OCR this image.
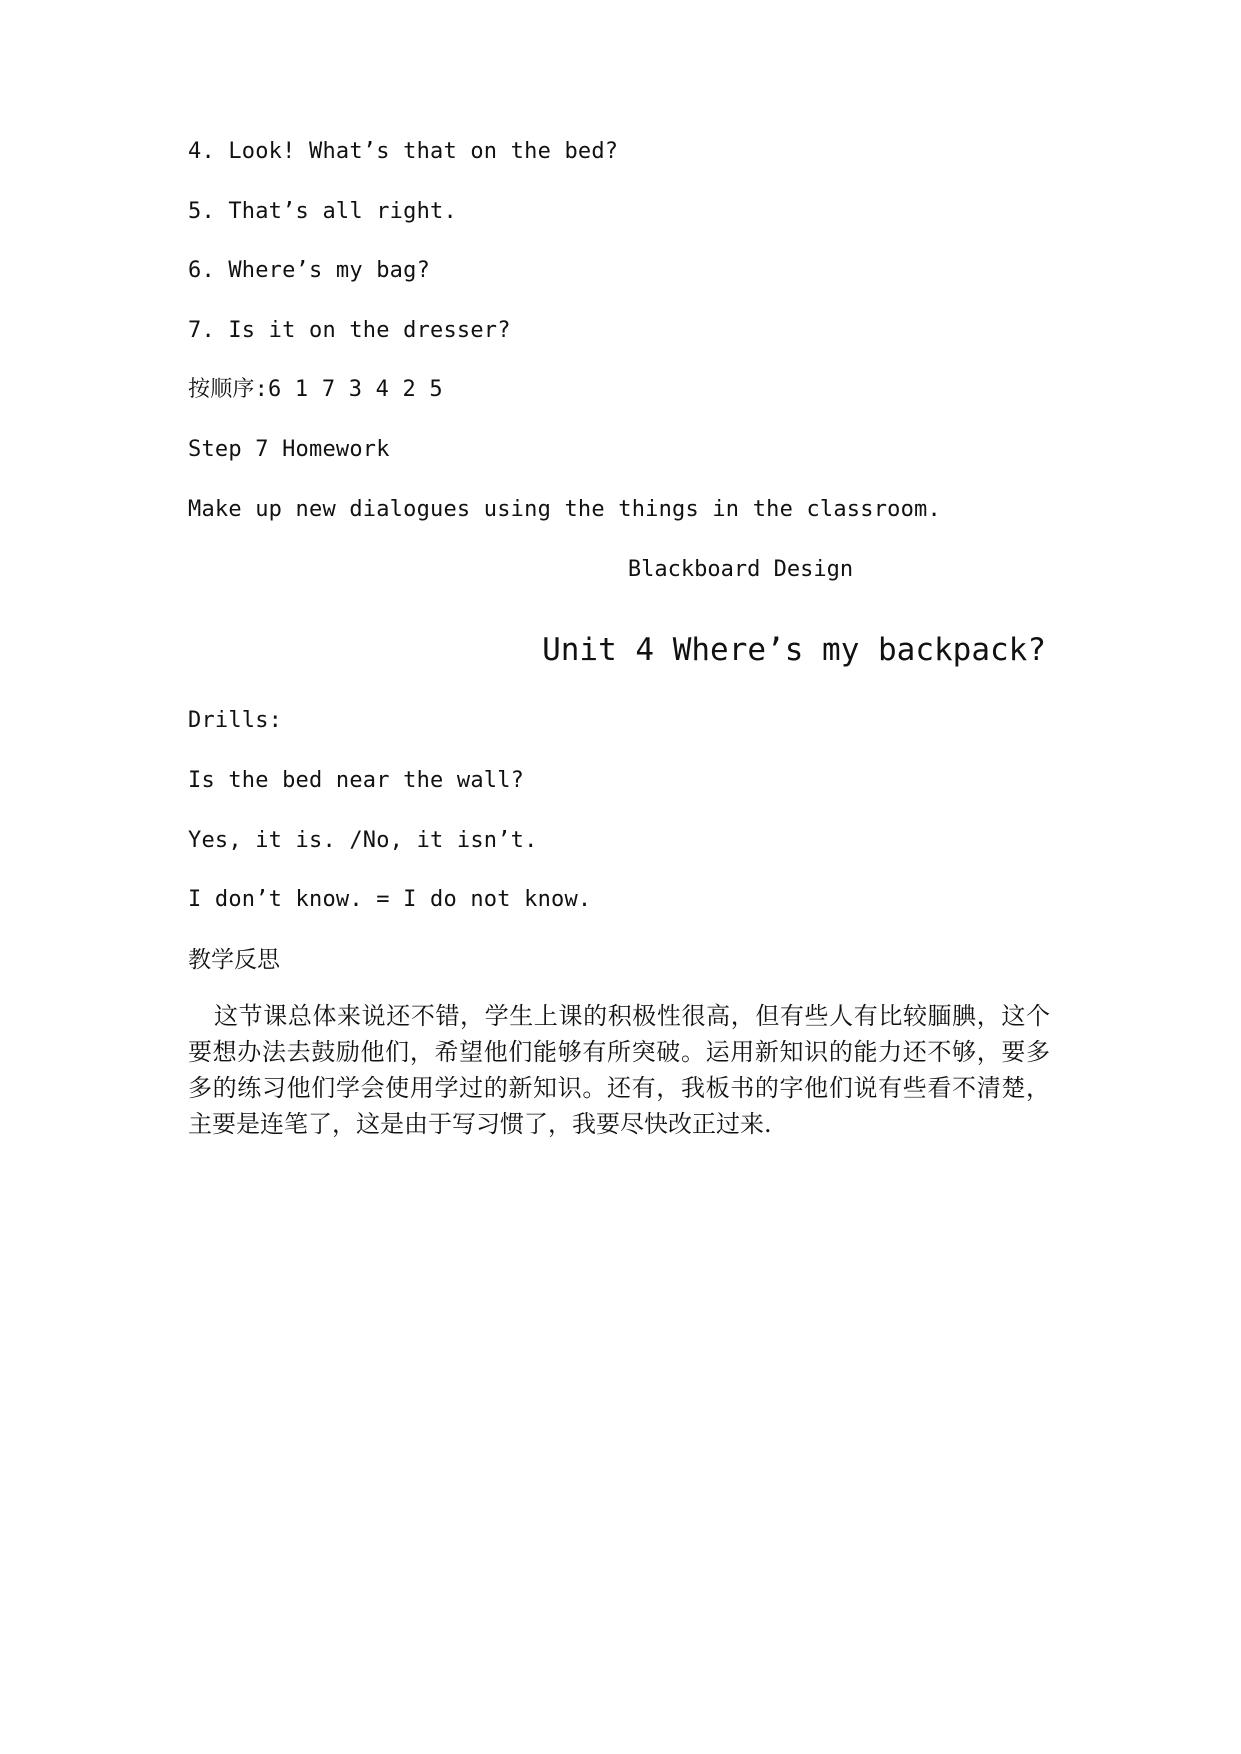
4. Look! What’s that on the bed?
5. That’s all right.
6. Where’s my bag?
7. Is it on the dresser?
按顺序:6 1 7 3 4 2 5
Step 7 Homework
Make up new dialogues using the things in the classroom.
Blackboard Design
Unit 4 Where’s my backpack?
Drills:
Is the bed near the wall?
Yes, it is. /No, it isn’t.
I don’t know. = I do not know.
教学反思
这节课总体来说还不错，学生上课的积极性很高，但有些人有比较腼腆，这个要想办法去鼓励他们，希望他们能够有所突破。运用新知识的能力还不够，要多多的练习他们学会使用学过的新知识。还有，我板书的字他们说有些看不清楚，主要是连笔了，这是由于写习惯了，我要尽快改正过来.
